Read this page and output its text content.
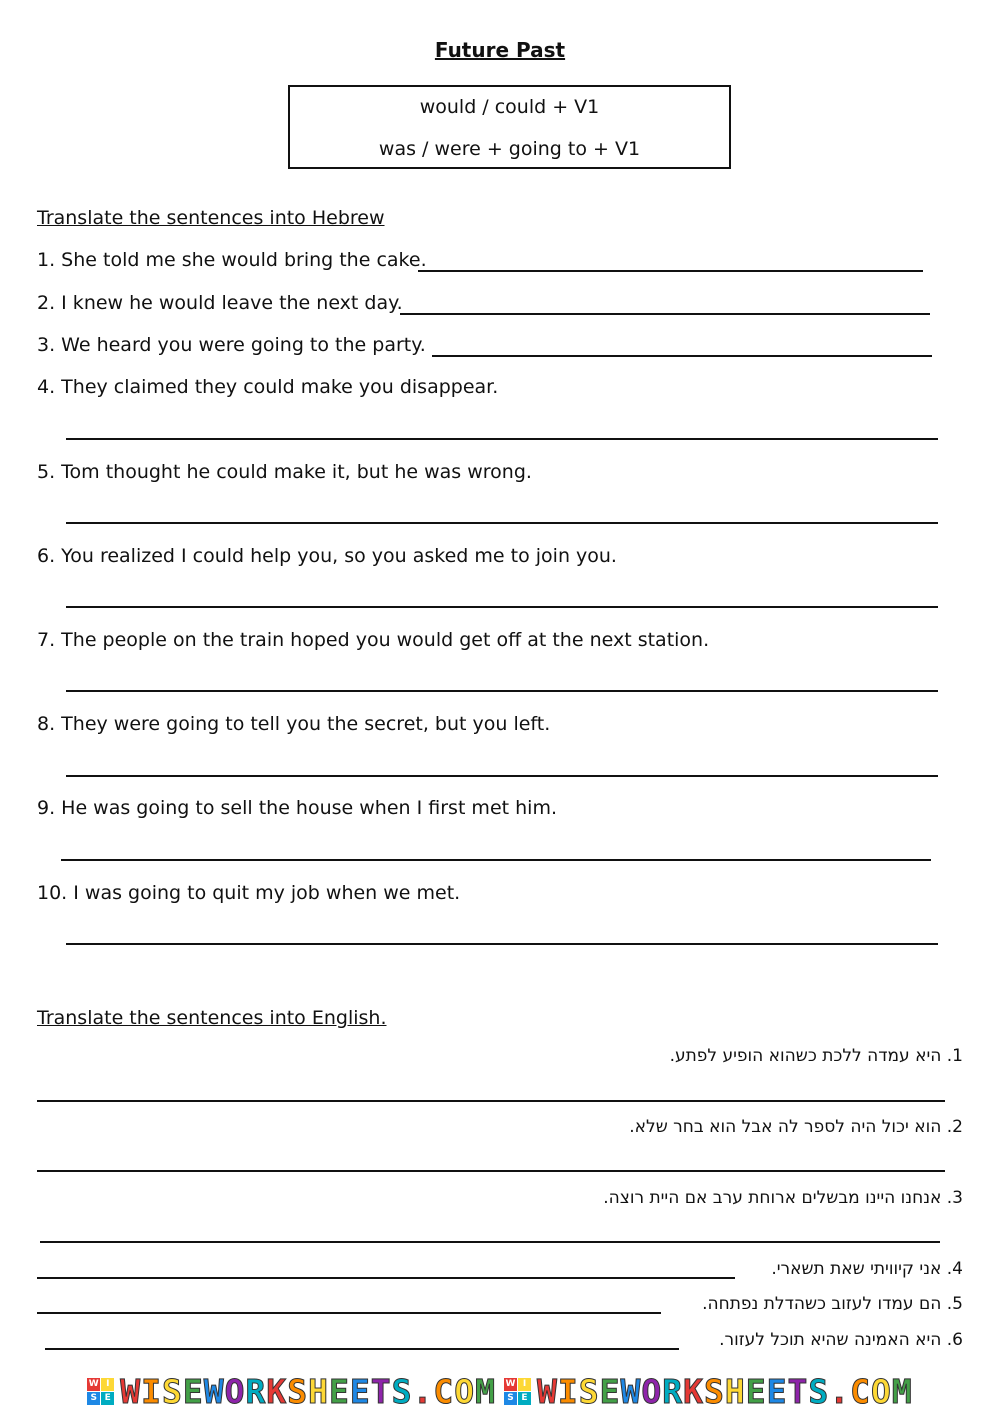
Future Past
would / could + V1
was / were + going to + V1
Translate the sentences into Hebrew
1. She told me she would bring the cake.
2. I knew he would leave the next day.
3. We heard you were going to the party.
4. They claimed they could make you disappear.
5. Tom thought he could make it, but he was wrong.
6. You realized I could help you, so you asked me to join you.
7. The people on the train hoped you would get off at the next station.
8. They were going to tell you the secret, but you left.
9. He was going to sell the house when I first met him.
10. I was going to quit my job when we met.
Translate the sentences into English.
1. היא עמדה ללכת כשהוא הופיע לפתע.
2. הוא יכול היה לספר לה אבל הוא בחר שלא.
3. אנחנו היינו מבשלים ארוחת ערב אם היית רוצה.
4. אני קיוויתי שאת תשארי.
5. הם עמדו לעזוב כשהדלת נפתחה.
6. היא האמינה שהיא תוכל לעזור.
W I
S E WISEWORKSHEETS.COM W I
S E WISEWORKSHEETS.COM
